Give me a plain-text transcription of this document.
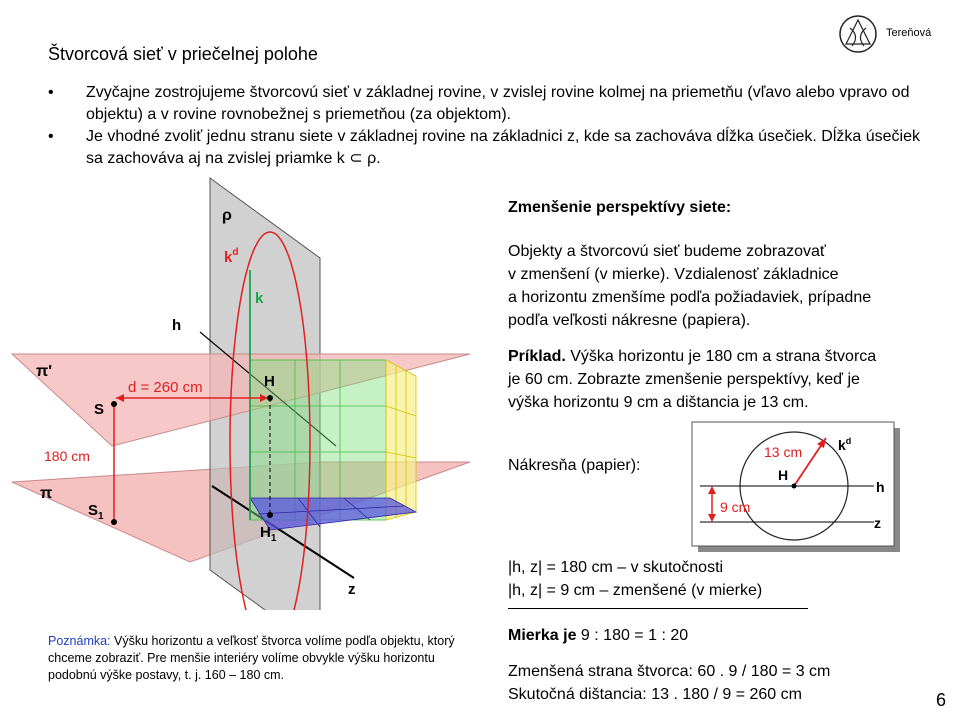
Tereňová
Štvorcová sieť v priečelnej polohe
• Zvyčajne zostrojujeme štvorcovú sieť v základnej rovine, v zvislej rovine kolmej na priemetňu (vľavo alebo vpravo od objektu) a v rovine rovnobežnej s priemetňou (za objektom).
• Je vhodné zvoliť jednu stranu siete v základnej rovine na základnici z, kde sa zachováva dĺžka úsečiek. Dĺžka úsečiek sa zachováva aj na zvislej priamke k ⊂ ρ.
ρ
$k^d$
k
h
π'
H
S
d = 260 cm
180 cm
π
$S_1$
$H_1$
z
Poznámka: Výšku horizontu a veľkosť štvorca volíme podľa objektu, ktorý chceme zobraziť. Pre menšie interiéry volíme obvykle výšku horizontu podobnú výške postavy, t. j. 160 – 180 cm.
Zmenšenie perspektívy siete:
Objekty a štvorcovú sieť budeme zobrazovať
v zmenšení (v mierke). Vzdialenosť základnice
a horizontu zmenšíme podľa požiadaviek, prípadne
podľa veľkosti nákresne (papiera).
Príklad. Výška horizontu je 180 cm a strana štvorca
je 60 cm. Zobrazte zmenšenie perspektívy, keď je
výška horizontu 9 cm a dištancia je 13 cm.
Nákresňa (papier):
13 cm	$k^d$
H
h
9 cm
z
|h, z| = 180 cm – v skutočnosti
|h, z| = 9 cm – zmenšené (v mierke)
Mierka je 9 : 180 = 1 : 20
Zmenšená strana štvorca: 60 . 9 / 180 = 3 cm
Skutočná dištancia: 13 . 180 / 9 = 260 cm	6
